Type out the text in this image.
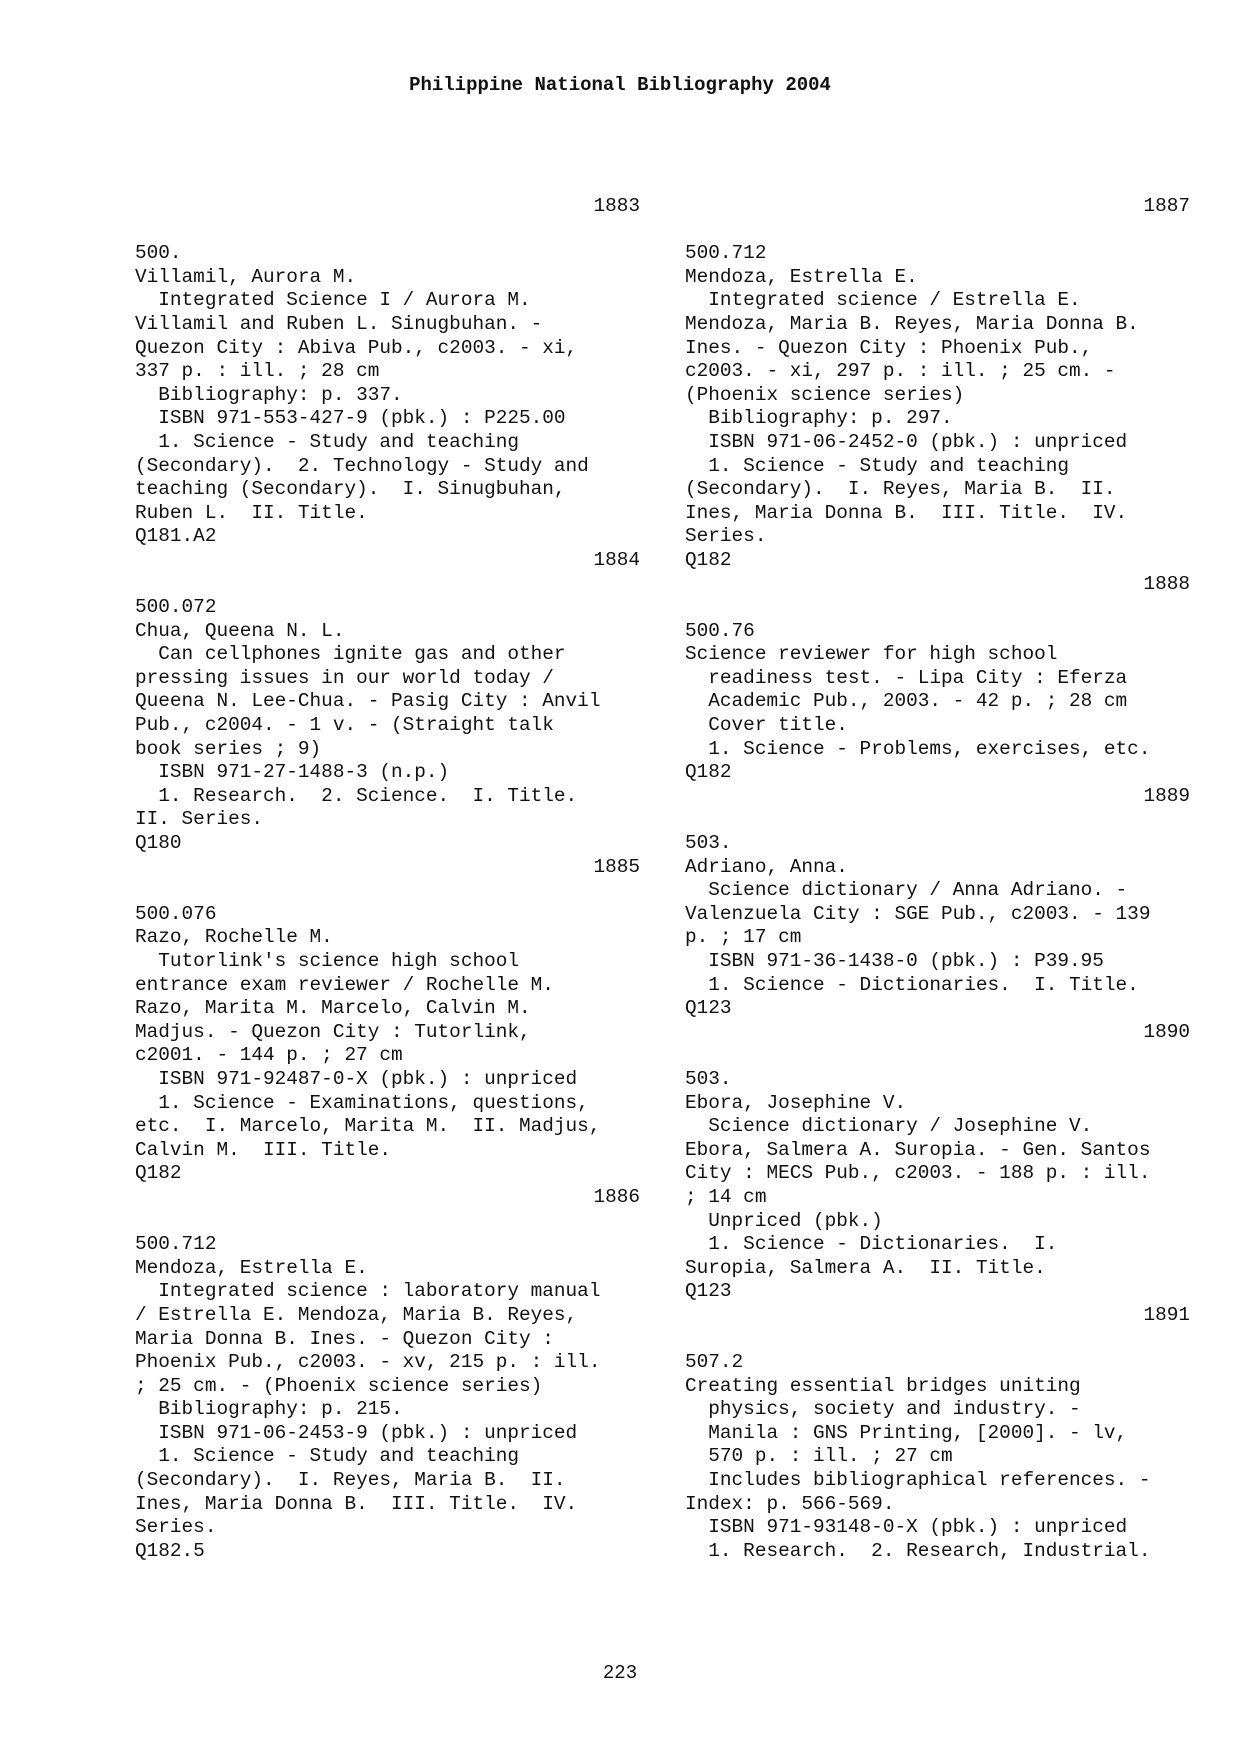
Philippine National Bibliography 2004
1883
500.
Villamil, Aurora M.
Integrated Science I / Aurora M.
Villamil and Ruben L. Sinugbuhan. -
Quezon City : Abiva Pub., c2003. - xi,
337 p. : ill. ; 28 cm
Bibliography: p. 337.
ISBN 971-553-427-9 (pbk.) : P225.00
1. Science - Study and teaching
(Secondary).  2. Technology - Study and
teaching (Secondary).  I. Sinugbuhan,
Ruben L.  II. Title.
Q181.A2
1884
500.072
Chua, Queena N. L.
Can cellphones ignite gas and other
pressing issues in our world today /
Queena N. Lee-Chua. - Pasig City : Anvil
Pub., c2004. - 1 v. - (Straight talk
book series ; 9)
ISBN 971-27-1488-3 (n.p.)
1. Research.  2. Science.  I. Title.
II. Series.
Q180
1885
500.076
Razo, Rochelle M.
Tutorlink's science high school
entrance exam reviewer / Rochelle M.
Razo, Marita M. Marcelo, Calvin M.
Madjus. - Quezon City : Tutorlink,
c2001. - 144 p. ; 27 cm
ISBN 971-92487-0-X (pbk.) : unpriced
1. Science - Examinations, questions,
etc.  I. Marcelo, Marita M.  II. Madjus,
Calvin M.  III. Title.
Q182
1886
500.712
Mendoza, Estrella E.
Integrated science : laboratory manual
/ Estrella E. Mendoza, Maria B. Reyes,
Maria Donna B. Ines. - Quezon City :
Phoenix Pub., c2003. - xv, 215 p. : ill.
; 25 cm. - (Phoenix science series)
Bibliography: p. 215.
ISBN 971-06-2453-9 (pbk.) : unpriced
1. Science - Study and teaching
(Secondary).  I. Reyes, Maria B.  II.
Ines, Maria Donna B.  III. Title.  IV.
Series.
Q182.5
1887
500.712
Mendoza, Estrella E.
Integrated science / Estrella E.
Mendoza, Maria B. Reyes, Maria Donna B.
Ines. - Quezon City : Phoenix Pub.,
c2003. - xi, 297 p. : ill. ; 25 cm. -
(Phoenix science series)
Bibliography: p. 297.
ISBN 971-06-2452-0 (pbk.) : unpriced
1. Science - Study and teaching
(Secondary).  I. Reyes, Maria B.  II.
Ines, Maria Donna B.  III. Title.  IV.
Series.
Q182
1888
500.76
Science reviewer for high school
readiness test. - Lipa City : Eferza
Academic Pub., 2003. - 42 p. ; 28 cm
Cover title.
1. Science - Problems, exercises, etc.
Q182
1889
503.
Adriano, Anna.
Science dictionary / Anna Adriano. -
Valenzuela City : SGE Pub., c2003. - 139
p. ; 17 cm
ISBN 971-36-1438-0 (pbk.) : P39.95
1. Science - Dictionaries.  I. Title.
Q123
1890
503.
Ebora, Josephine V.
Science dictionary / Josephine V.
Ebora, Salmera A. Suropia. - Gen. Santos
City : MECS Pub., c2003. - 188 p. : ill.
; 14 cm
Unpriced (pbk.)
1. Science - Dictionaries.  I.
Suropia, Salmera A.  II. Title.
Q123
1891
507.2
Creating essential bridges uniting
physics, society and industry. -
Manila : GNS Printing, [2000]. - lv,
570 p. : ill. ; 27 cm
Includes bibliographical references. -
Index: p. 566-569.
ISBN 971-93148-0-X (pbk.) : unpriced
1. Research.  2. Research, Industrial.
223
